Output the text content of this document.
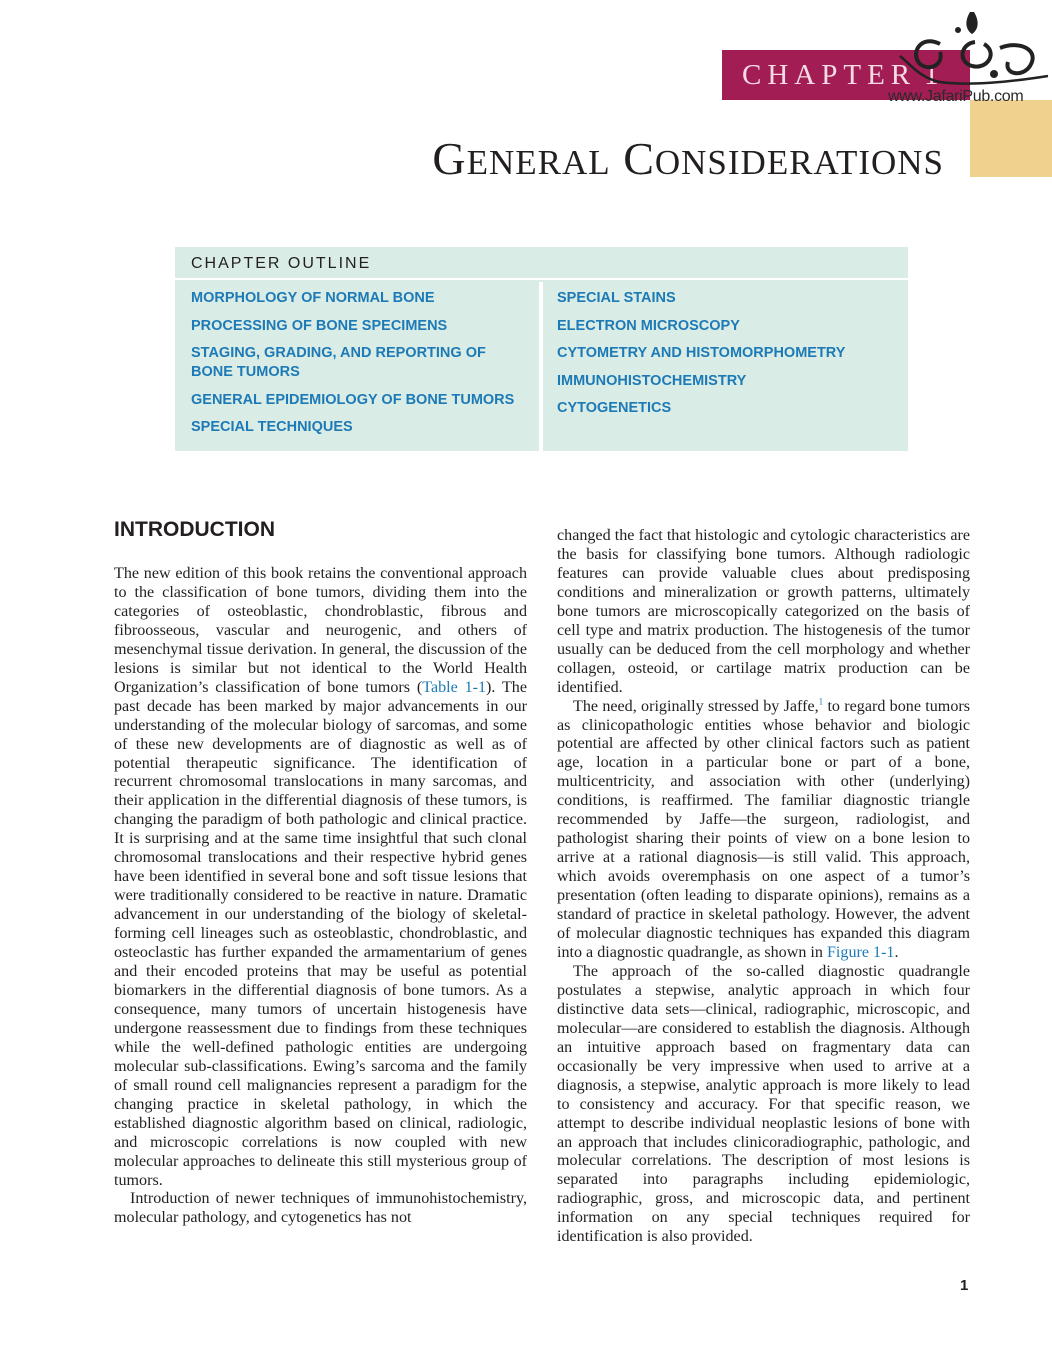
CHAPTER 1
www.JafariPub.com
GENERAL CONSIDERATIONS
CHAPTER OUTLINE
MORPHOLOGY OF NORMAL BONE
PROCESSING OF BONE SPECIMENS
STAGING, GRADING, AND REPORTING OF BONE TUMORS
GENERAL EPIDEMIOLOGY OF BONE TUMORS
SPECIAL TECHNIQUES
SPECIAL STAINS
ELECTRON MICROSCOPY
CYTOMETRY AND HISTOMORPHOMETRY
IMMUNOHISTOCHEMISTRY
CYTOGENETICS
INTRODUCTION

The new edition of this book retains the conventional approach to the classification of bone tumors, dividing them into the categories of osteoblastic, chondroblastic, fibrous and fibroosseous, vascular and neurogenic, and others of mesenchymal tissue derivation. In general, the discussion of the lesions is similar but not identical to the World Health Organization’s classification of bone tumors (Table 1-1). The past decade has been marked by major advancements in our understanding of the molecular biology of sarcomas, and some of these new developments are of diagnostic as well as of potential therapeutic significance. The identification of recurrent chromosomal translocations in many sarcomas, and their application in the differential diagnosis of these tumors, is changing the paradigm of both pathologic and clinical practice. It is surprising and at the same time insightful that such clonal chromosomal translocations and their respective hybrid genes have been identified in several bone and soft tissue lesions that were traditionally considered to be reactive in nature. Dramatic advancement in our understanding of the biology of skeletal-forming cell lineages such as osteoblastic, chondroblastic, and osteoclastic has further expanded the armamentarium of genes and their encoded proteins that may be useful as potential biomarkers in the differential diagnosis of bone tumors. As a consequence, many tumors of uncertain histogenesis have undergone reassessment due to findings from these techniques while the well-defined pathologic entities are undergoing molecular sub-classifications. Ewing’s sarcoma and the family of small round cell malignancies represent a paradigm for the changing practice in skeletal pathology, in which the established diagnostic algorithm based on clinical, radiologic, and microscopic correlations is now coupled with new molecular approaches to delineate this still mysterious group of tumors.

Introduction of newer techniques of immunohistochemistry, molecular pathology, and cytogenetics has not

changed the fact that histologic and cytologic characteristics are the basis for classifying bone tumors. Although radiologic features can provide valuable clues about predisposing conditions and mineralization or growth patterns, ultimately bone tumors are microscopically categorized on the basis of cell type and matrix production. The histogenesis of the tumor usually can be deduced from the cell morphology and whether collagen, osteoid, or cartilage matrix production can be identified.

The need, originally stressed by Jaffe,$^1$ to regard bone tumors as clinicopathologic entities whose behavior and biologic potential are affected by other clinical factors such as patient age, location in a particular bone or part of a bone, multicentricity, and association with other (underlying) conditions, is reaffirmed. The familiar diagnostic triangle recommended by Jaffe—the surgeon, radiologist, and pathologist sharing their points of view on a bone lesion to arrive at a rational diagnosis—is still valid. This approach, which avoids overemphasis on one aspect of a tumor’s presentation (often leading to disparate opinions), remains as a standard of practice in skeletal pathology. However, the advent of molecular diagnostic techniques has expanded this diagram into a diagnostic quadrangle, as shown in Figure 1-1.

The approach of the so-called diagnostic quadrangle postulates a stepwise, analytic approach in which four distinctive data sets—clinical, radiographic, microscopic, and molecular—are considered to establish the diagnosis. Although an intuitive approach based on fragmentary data can occasionally be very impressive when used to arrive at a diagnosis, a stepwise, analytic approach is more likely to lead to consistency and accuracy. For that specific reason, we attempt to describe individual neoplastic lesions of bone with an approach that includes clinicoradiographic, pathologic, and molecular correlations. The description of most lesions is separated into paragraphs including epidemiologic, radiographic, gross, and microscopic data, and pertinent information on any special techniques required for identification is also provided.

1
